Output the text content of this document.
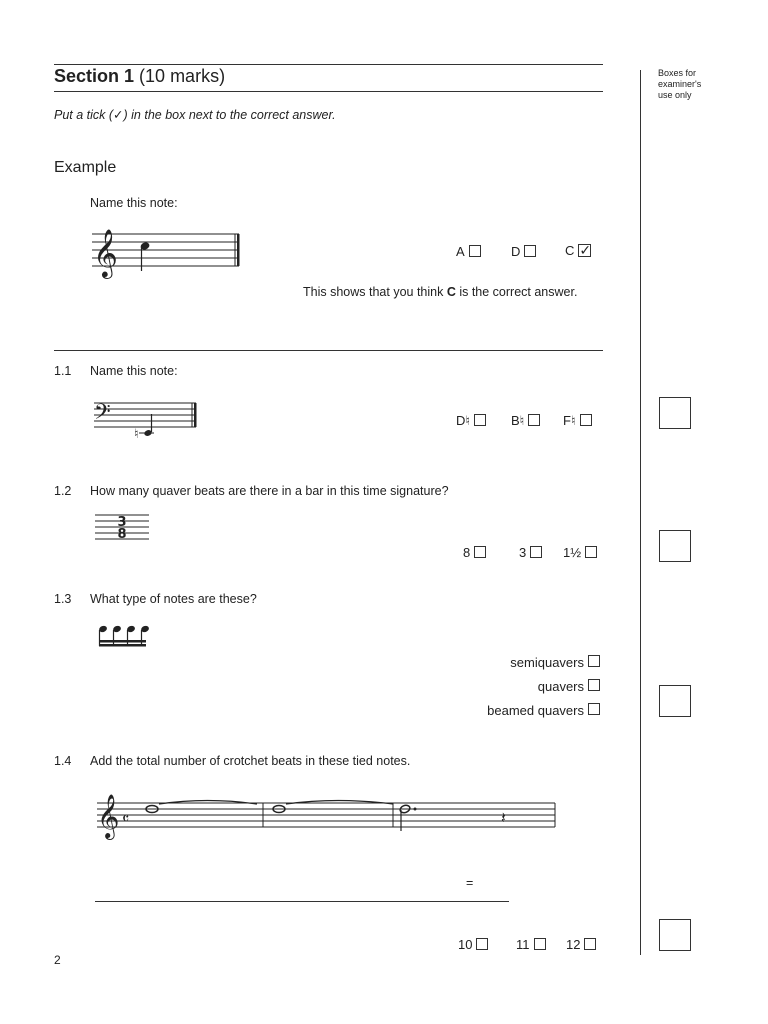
Section 1 (10 marks)
Put a tick (✓) in the box next to the correct answer.
Boxes for
examiner's
use only
Example
Name this note:
𝄞	A	D	C ✓
This shows that you think C is the correct answer.
1.1 Name this note:
𝄢
♮
D♮	B♮	F♮
1.2 How many quaver beats are there in a bar in this time signature?
3
8
8	3	1½
1.3 What type of notes are these?
semiquavers
quavers
beamed quavers
1.4 Add the total number of crotchet beats in these tied notes.
𝄞 𝄴	𝄽
=
10	11	12
2
